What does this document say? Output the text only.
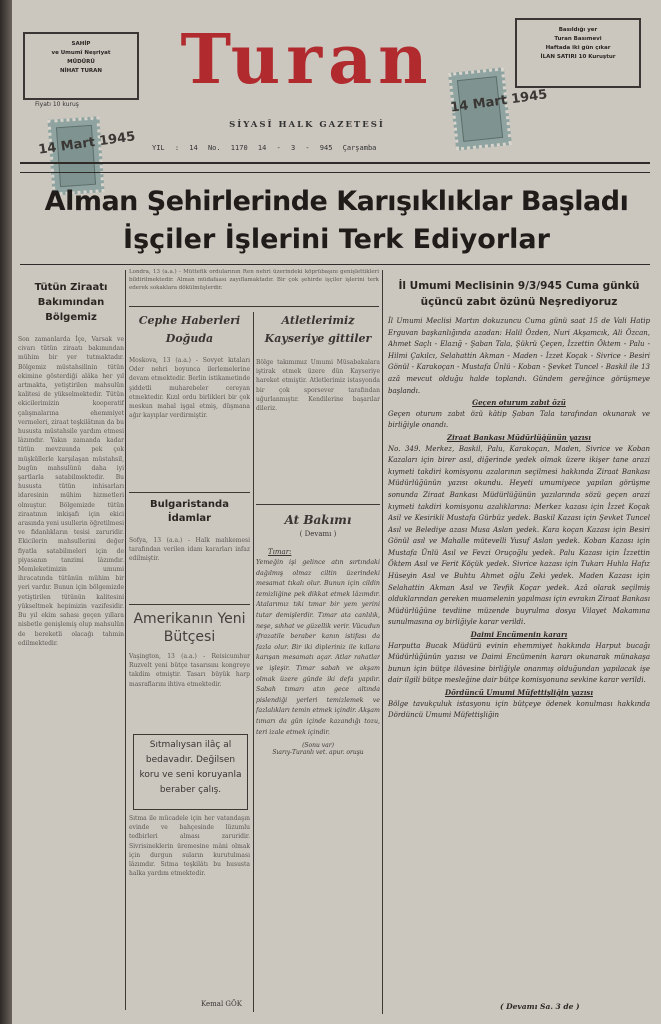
SAHİP
ve Umumî Neşriyat
MÜDÜRÜ
NİHAT TURAN
Fiyatı 10 kuruş
Basıldığı yer
Turan Basımevi
Haftada iki gün çıkar
İLAN SATIRI 10 Kuruştur
Turan
SİYASÎ HALK GAZETESİ
YIL : 14 No. 1170 14 - 3 - 945 Çarşamba
14 Mart 1945
14 Mart 1945
Alman Şehirlerinde Karışıklıklar Başladı
İşçiler İşlerini Terk Ediyorlar
Tütün Ziraatı Bakımından Bölgemiz
Son zamanlarda İçe, Varsak ve civarı tütün ziraatı bakımından mühim bir yer tutmaktadır. Bölgemiz müstahsilinin tütün ekimine gösterdiği alâka her yıl artmakta, yetiştirilen mahsulün kalitesi de yükselmektedir. Tütün ekicilerimizin kooperatif çalışmalarına ehemmiyet vermeleri, ziraat teşkilâtının da bu hususta müstahsile yardım etmesi lâzımdır. Yakın zamanda kadar tütün mevzuunda pek çok müşküllerle karşılaşan müstahsil, bugün mahsulünü daha iyi şartlarla satabilmektedir. Bu hususta tütün inhisarları idaresinin mühim hizmetleri olmuştur. Bölgemizde tütün ziraatının inkişafı için ekici arasında yeni usullerin öğretilmesi ve fidanlıkların tesisi zaruridir. Ekicilerin mahsullerini değer fiyatla satabilmeleri için de piyasanın tanzimi lâzımdır. Memleketimizin umumi ihracatında tütünün mühim bir yeri vardır. Bunun için bölgemizde yetiştirilen tütünün kalitesini yükseltmek hepimizin vazifesidir. Bu yıl ekim sahası geçen yıllara nisbetle genişlemiş olup mahsulün de bereketli olacağı tahmin edilmektedir.
Londra, 13 (a.a.) - Müttefik ordularının Ren nehri üzerindeki köprübaşını genişlettikleri bildirilmektedir. Alman müdafaası zayıflamaktadır. Bir çok şehirde işçiler işlerini terk ederek sokaklara dökülmüşlerdir.
Cephe Haberleri Doğuda
Moskova, 13 (a.a.) - Sovyet kıtaları Oder nehri boyunca ilerlemelerine devam etmektedir. Berlin istikametinde şiddetli muharebeler cereyan etmektedir. Kızıl ordu birlikleri bir çok meskun mahal işgal etmiş, düşmana ağır kayıplar verdirmiştir.
Bulgaristanda İdamlar
Sofya, 13 (a.a.) - Halk mahkemesi tarafından verilen idam kararları infaz edilmiştir.
Amerikanın Yeni Bütçesi
Vaşington, 13 (a.a.) - Reisicumhur Ruzvelt yeni bütçe tasarısını kongreye takdim etmiştir. Tasarı büyük harp masraflarını ihtiva etmektedir.
Sıtmalıysan ilâç al bedavadır. Değilsen koru ve seni koruyanla beraber çalış.
Sıtma ile mücadele için her vatandaşın evinde ve bahçesinde lüzumlu tedbirleri alması zaruridir. Sivrisineklerin üremesine mâni olmak için durgun suların kurutulması lâzımdır. Sıtma teşkilâtı bu hususta halka yardım etmektedir.
Kemal GÖK
Atletlerimiz Kayseriye gittiler
Bölge takımımız Umumi Müsabakalara iştirak etmek üzere dün Kayseriye hareket etmiştir. Atletlerimiz istasyonda bir çok sporsever tarafından uğurlanmıştır. Kendilerine başarılar dileriz.
At Bakımı
( Devamı )
Tımar:
Yemeğin işi gelince atın sırtındaki dağılmış olmaz ciltin üzerindeki mesamat tıkalı olur. Bunun için cildin temizliğine pek dikkat etmek lâzımdır. Atalarımız tıki tımar bir yem yerini tutar demişlerdir. Tımar ata canlılık, neşe, sıhhat ve güzellik verir. Vücudun ifrazatile beraber kanın istifası da fazla olur. Bir iki dipleriniz ile kıllara karışan mesamatı açar. Atlar rahatlar ve işleşir. Tımar sabah ve akşam olmak üzere günde iki defa yapılır. Sabah tımarı atın gece altında pislendiği yerleri temizlemek ve fazlalıkları temin etmek içindir. Akşam tımarı da gün içinde kazandığı tozu, teri izale etmek içindir.
(Sonu var)
Sıarıy-Turanlı vet. apur. oruşu
İl Umumi Meclisinin 9/3/945 Cuma günkü üçüncü zabıt özünü Neşrediyoruz
İl Umumi Meclisi Martın dokuzuncu Cuma günü saat 15 de Vali Hatip Erguvan başkanlığında azadan: Halil Özden, Nuri Akşamcık, Ali Özcan, Ahmet Saçlı - Elazığ - Şaban Tala, Şükrü Çeçen, İzzettin Öktem - Palu - Hilmi Çakılcı, Selahattin Akman - Maden - İzzet Koçak - Sivrice - Besiri Gönül - Karakoçan - Mustafa Ünlü - Koban - Şevket Tuncel - Baskil ile 13 azâ mevcut olduğu halde toplandı. Gündem gereğince görüşmeye başlandı.
Geçen oturum zabıt özü
Geçen oturum zabıt özü kâtip Şaban Tala tarafından okunarak ve birliğiyle onandı.
Ziraat Bankası Müdürlüğünün yazısı
No. 349. Merkez, Baskil, Palu, Karakoçan, Maden, Sivrice ve Koban Kazaları için birer asıl, diğerinde yedek olmak üzere ikişer tane arazi kıymeti takdiri komisyonu azalarının seçilmesi hakkında Ziraat Bankası Müdürlüğünün yazısı okundu. Heyeti umumiyece yapılan görüşme sonunda Ziraat Bankası Müdürlüğünün yazılarında sözü geçen arazi kıymeti takdiri komisyonu azalıklarına: Merkez kazası için İzzet Koçak Asil ve Kesirikli Mustafa Gürbüz yedek. Baskil Kazası için Şevket Tuncel Asıl ve Belediye azası Musa Aslan yedek. Kara koçan Kazası için Besiri Gönül asıl ve Mahalle mütevelli Yusuf Aslan yedek. Koban Kazası için Mustafa Ünlü Asıl ve Fevzi Oruçoğlu yedek. Palu Kazası için İzzettin Öktem Asıl ve Ferit Köçük yedek. Sivrice kazası için Tukarı Huhla Hafız Hüseyin Asıl ve Buhtu Ahmet oğlu Zeki yedek. Maden Kazası için Selahattin Akman Asıl ve Tevfik Koçar yedek. Azâ olarak seçilmiş olduklarından gereken muamelenin yapılması için evrakın Ziraat Bankası Müdürlüğüne tevdiine müzende buyrulma dosya Vilayet Makamına sunulmasına oy birliğiyle karar verildi.
Daimi Encümenin kararı
Harputta Bucak Müdürü evinin ehemmiyet hakkında Harput bucağı Müdürlüğünün yazısı ve Daimi Encümenin kararı okunarak münakaşa bunun için bütçe ilâvesine birliğiyle onanmış olduğundan yapılacak işe dair ilgili bütçe mesleğine dair bütçe komisyonuna sevkine karar verildi.
Dördüncü Umumi Müfettişliğin yazısı
Bölge tavukçuluk istasyonu için bütçeye ödenek konulması hakkında Dördüncü Umumi Müfettişliğin
( Devamı Sa. 3 de )
